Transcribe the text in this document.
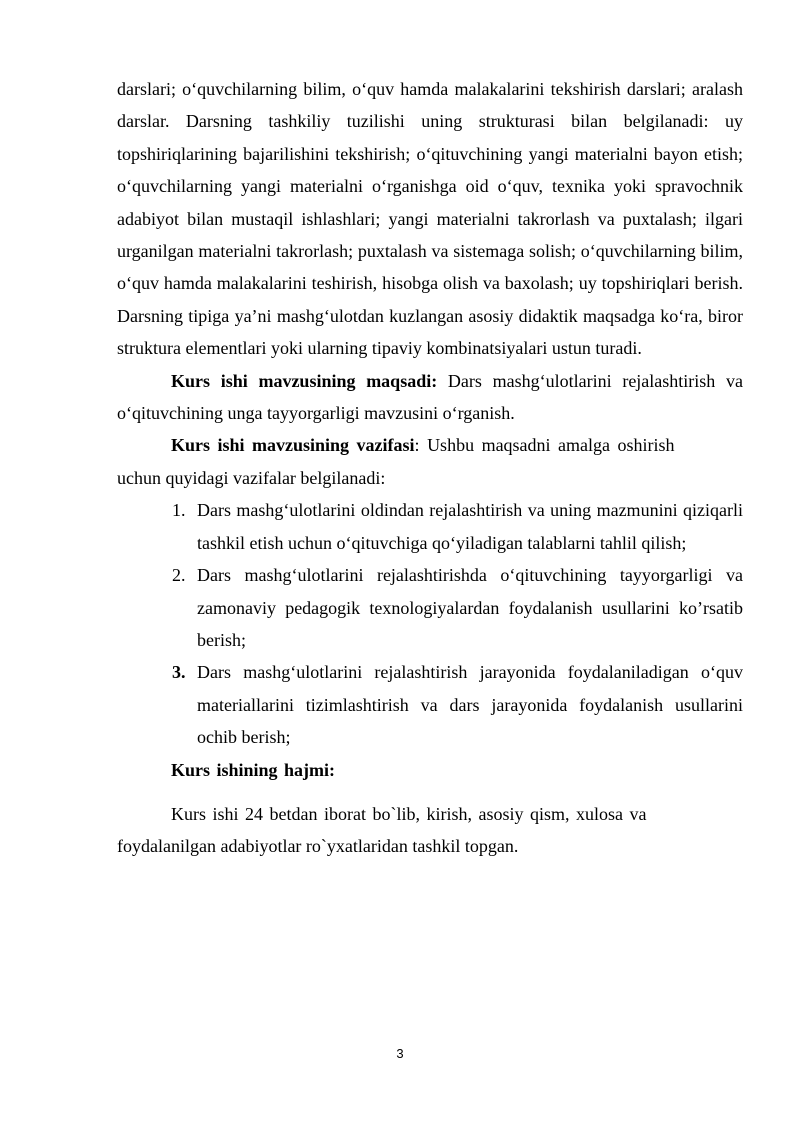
darslari; o‘quvchilarning bilim, o‘quv hamda malakalarini tekshirish darslari; aralash darslar. Darsning tashkiliy tuzilishi uning strukturasi bilan belgilanadi: uy topshiriqlarining bajarilishini tekshirish; o‘qituvchining yangi materialni bayon etish; o‘quvchilarning yangi materialni o‘rganishga oid o‘quv, texnika yoki spravochnik adabiyot bilan mustaqil ishlashlari; yangi materialni takrorlash va puxtalash; ilgari urganilgan materialni takrorlash; puxtalash va sistemaga solish; o‘quvchilarning bilim, o‘quv hamda malakalarini teshirish, hisobga olish va baxolash; uy topshiriqlari berish. Darsning tipiga ya’ni mashg‘ulotdan kuzlangan asosiy didaktik maqsadga ko‘ra, biror struktura elementlari yoki ularning tipaviy kombinatsiyalari ustun turadi.

Kurs ishi mavzusining maqsadi: Dars mashg‘ulotlarini rejalashtirish va o‘qituvchining unga tayyorgarligi mavzusini o‘rganish.

Kurs ishi mavzusining vazifasi: Ushbu maqsadni amalga oshirish

uchun quyidagi vazifalar belgilanadi:

1. Dars mashg‘ulotlarini oldindan rejalashtirish va uning mazmunini qiziqarli tashkil etish uchun o‘qituvchiga qo‘yiladigan talablarni tahlil qilish;
2. Dars mashg‘ulotlarini rejalashtirishda o‘qituvchining tayyorgarligi va zamonaviy pedagogik texnologiyalardan foydalanish usullarini ko’rsatib berish;
3. Dars mashg‘ulotlarini rejalashtirish jarayonida foydalaniladigan o‘quv materiallarini tizimlashtirish va dars jarayonida foydalanish usullarini ochib berish;

Kurs ishining hajmi:

Kurs ishi 24 betdan iborat bo`lib, kirish, asosiy qism, xulosa va
foydalanilgan adabiyotlar ro`yxatlaridan tashkil topgan.

3
